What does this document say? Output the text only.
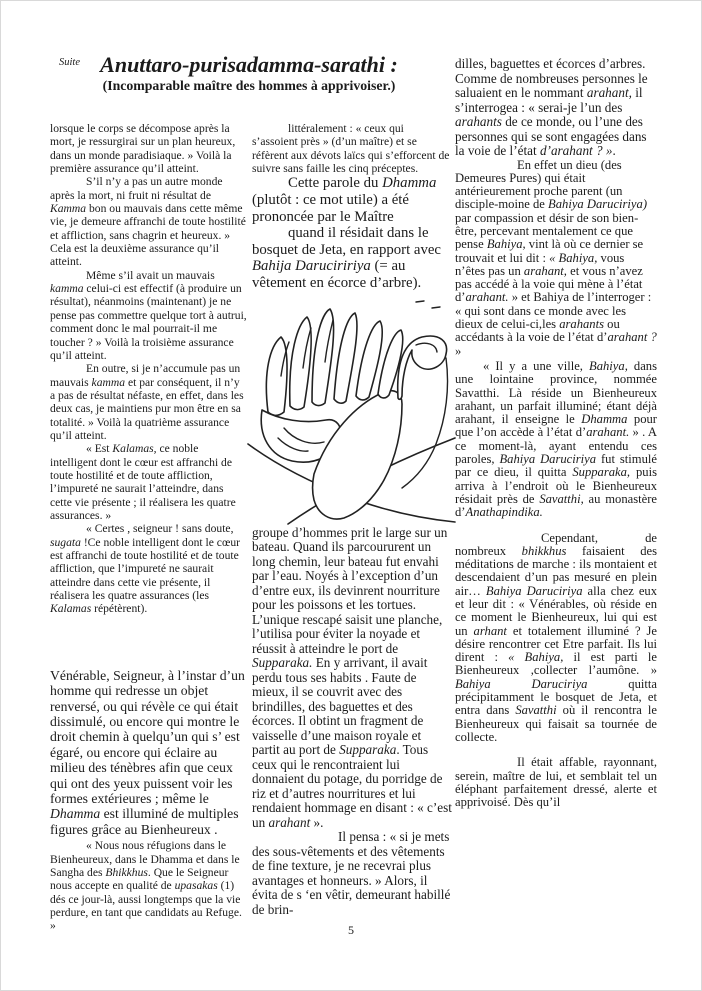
Suite Anuttaro-purisadamma-sarathi :
(Incomparable maître des hommes à apprivoiser.)

lorsque le corps se décompose après la mort, je ressurgirai sur un plan heureux, dans un monde paradisiaque. » Voilà la première assurance qu’il atteint.

S’il n’y a pas un autre monde après la mort, ni fruit ni résultat de Kamma bon ou mauvais dans cette même vie, je demeure affranchi de toute hostilité et affliction, sans chagrin et heureux. » Cela est la deuxième assurance qu’il atteint.

Même s’il avait un mauvais kamma celui-ci est effectif (à produire un résultat), néanmoins (maintenant) je ne pense pas commettre quelque tort à autrui, comment donc le mal pourrait-il me toucher ? » Voilà la troisième assurance qu’il atteint.

En outre, si je n’accumule pas un mauvais kamma et par conséquent, il n’y a pas de résultat néfaste, en effet, dans les deux cas, je maintiens pur mon être en sa totalité. » Voilà la quatrième assurance qu’il atteint.

« Est Kalamas, ce noble intelligent dont le cœur est affranchi de toute hostilité et de toute affliction, l’impureté ne saurait l’atteindre, dans cette vie présente ; il réalisera les quatre assurances. »

« Certes , seigneur ! sans doute, sugata !Ce noble intelligent dont le cœur est affranchi de toute hostilité et de toute affliction, que l’impureté ne saurait atteindre dans cette vie présente, il réalisera les quatre assurances (les Kalamas répétèrent).

Vénérable, Seigneur, à l’instar d’un homme qui redresse un objet renversé, ou qui révèle ce qui était dissimulé, ou encore qui montre le droit chemin à quelqu’un qui s’ est égaré, ou encore qui éclaire au milieu des ténèbres afin que ceux qui ont des yeux puissent voir les formes extérieures ; même le Dhamma est illuminé de multiples figures grâce au Bienheureux .

« Nous nous réfugions dans le Bienheureux, dans le Dhamma et dans le Sangha des Bhikkhus. Que le Seigneur nous accepte en qualité de upasakas (1) dés ce jour-là, aussi longtemps que la vie perdure, en tant que candidats au Refuge. »

littéralement : « ceux qui s’assoient près » (d’un maître) et se réfèrent aux dévots laïcs qui s’efforcent de suivre sans faille les cinq préceptes.

Cette parole du Dhamma (plutôt : ce mot utile) a été prononcée par le Maître

quand il résidait dans le bosquet de Jeta, en rapport avec Bahija Daruciririya (= au vêtement en écorce d’arbre).

groupe d’hommes prit le large sur un bateau. Quand ils parcoururent un long chemin, leur bateau fut envahi par l’eau. Noyés à l’exception d’un d’entre eux, ils devinrent nourriture pour les poissons et les tortues. L’unique rescapé saisit une planche, l’utilisa pour éviter la noyade et réussit à atteindre le port de Supparaka. En y arrivant, il avait perdu tous ses habits . Faute de mieux, il se couvrit avec des brindilles, des baguettes et des écorces. Il obtint un fragment de vaisselle d’une maison royale et partit au port de Supparaka. Tous ceux qui le rencontraient lui donnaient du potage, du porridge de riz et d’autres nourritures et lui rendaient hommage en disant : « c’est un arahant ».

Il pensa : « si je mets des sous-vêtements et des vêtements de fine texture, je ne recevrai plus avantages et honneurs. » Alors, il évita de s ‘en vêtir, demeurant habillé de brin-

dilles, baguettes et écorces d’arbres. Comme de nombreuses personnes le saluaient en le nommant arahant, il s’interrogea : « serai-je l’un des arahants de ce monde, ou l’une des personnes qui se sont engagées dans la voie de l’état d’arahant ? ».

En effet un dieu (des Demeures Pures) qui était antérieurement proche parent (un disciple-moine de Bahiya Daruciriya) par compassion et désir de son bien-être, percevant mentalement ce que pense Bahiya, vint là où ce dernier se trouvait et lui dit : « Bahiya, vous n’êtes pas un arahant, et vous n’avez pas accédé à la voie qui mène à l’état d’arahant. » et Bahiya de l’interroger : « qui sont dans ce monde avec les dieux de celui-ci,les arahants ou accédants à la voie de l’état d’arahant ? »

« Il y a une ville, Bahiya, dans une lointaine province, nommée Savatthi. Là réside un Bienheureux arahant, un parfait illuminé; étant déjà arahant, il enseigne le Dhamma pour que l’on accède à l’état d’arahant. » . A ce moment-là, ayant entendu ces paroles, Bahiya Daruciriya fut stimulé par ce dieu, il quitta Supparaka, puis arriva à l’endroit où le Bienheureux résidait près de Savatthi, au monastère d’Anathapindika.

Cependant, de nombreux bhikkhus faisaient des méditations de marche : ils montaient et descendaient d’un pas mesuré en plein air… Bahiya Daruciriya alla chez eux et leur dit : « Vénérables, où réside en ce moment le Bienheureux, lui qui est un arhant et totalement illuminé ? Je désire rencontrer cet Etre parfait. Ils lui dirent : « Bahiya, il est parti le Bienheureux ,collecter l’aumône. » Bahiya Daruciriya quitta précipitamment le bosquet de Jeta, et entra dans Savatthi où il rencontra le Bienheureux qui faisait sa tournée de collecte.

Il était affable, rayonnant, serein, maître de lui, et semblait tel un éléphant parfaitement dressé, alerte et apprivoisé. Dès qu’il

5
